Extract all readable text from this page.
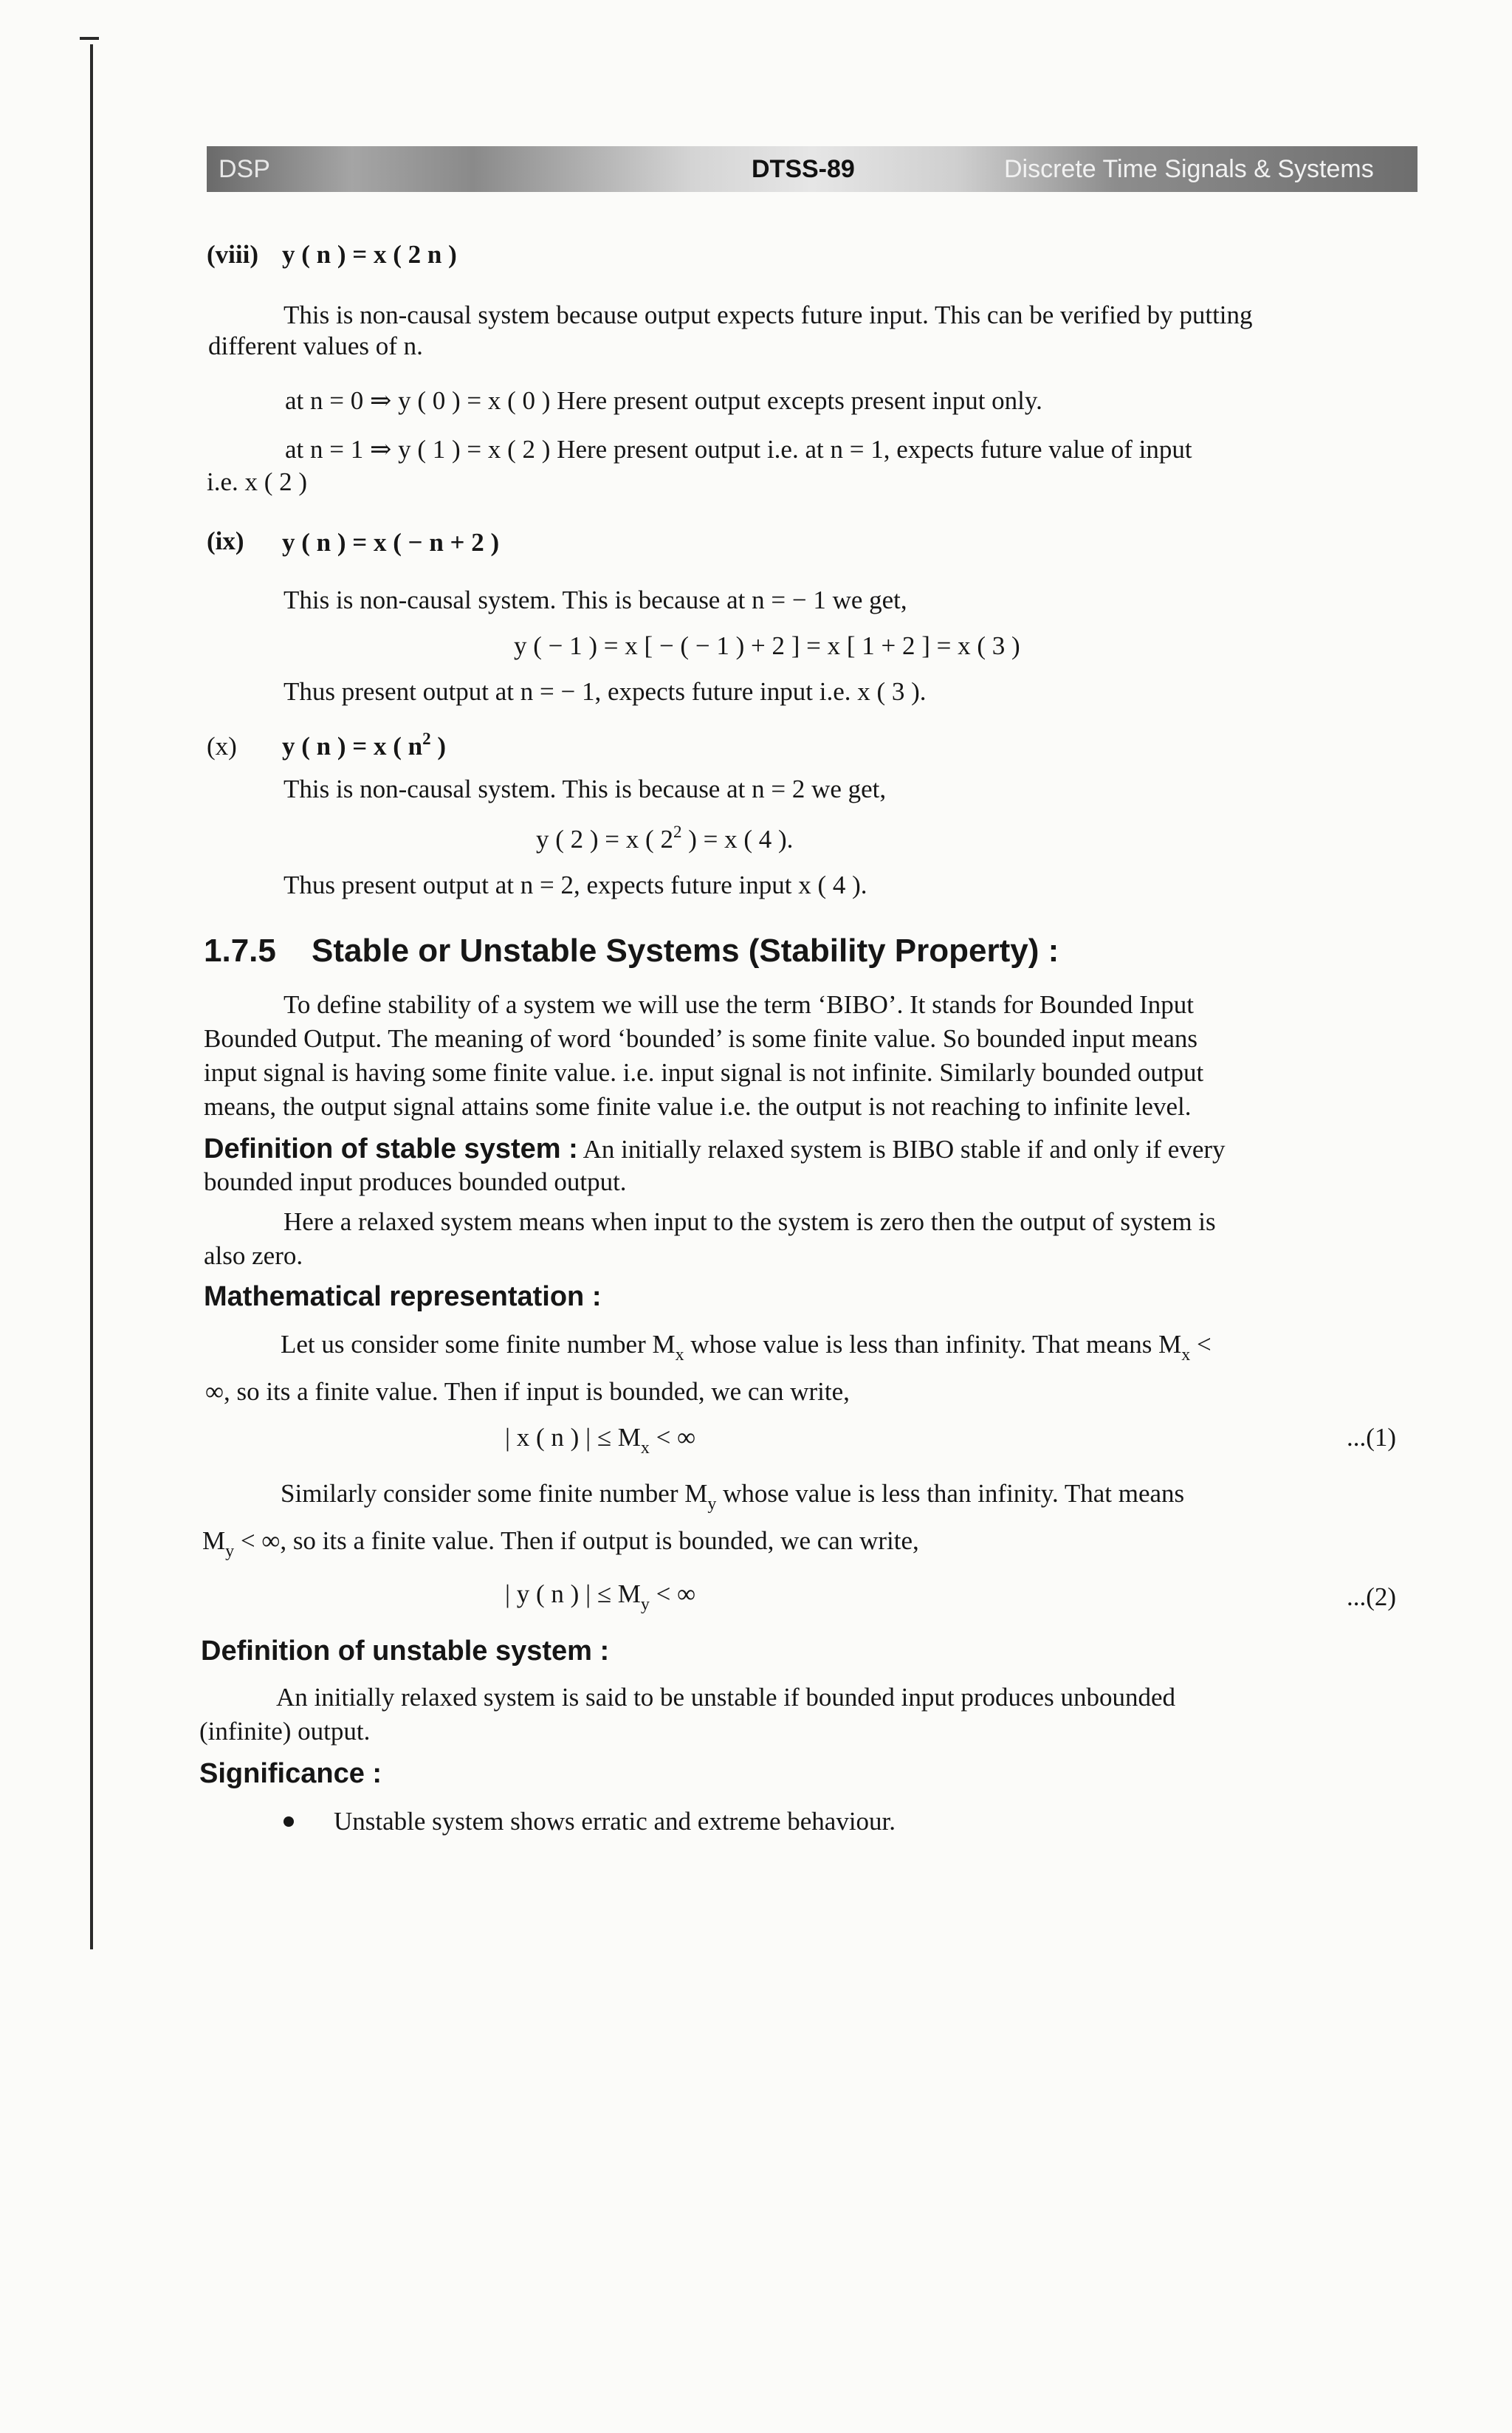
DSP	DTSS-89	Discrete Time Signals & Systems
(viii) y ( n ) = x ( 2 n )
This is non-causal system because output expects future input. This can be verified by putting
different values of n.
at n = 0 ⇒ y ( 0 ) = x ( 0 ) Here present output excepts present input only.
at n = 1 ⇒ y ( 1 ) = x ( 2 ) Here present output i.e. at n = 1, expects future value of input
i.e. x ( 2 )
(ix) y ( n ) = x ( − n + 2 )
This is non-causal system. This is because at n = − 1 we get,
y ( − 1 ) = x [ − ( − 1 ) + 2 ] = x [ 1 + 2 ] = x ( 3 )
Thus present output at n = − 1, expects future input i.e. x ( 3 ).
(x) y ( n ) = x ( $n^2$ )
This is non-causal system. This is because at n = 2 we get,
y ( 2 ) = x ( $2^2$ ) = x ( 4 ).
Thus present output at n = 2, expects future input x ( 4 ).
1.7.5 Stable or Unstable Systems (Stability Property) :
To define stability of a system we will use the term ‘BIBO’. It stands for Bounded Input
Bounded Output. The meaning of word ‘bounded’ is some finite value. So bounded input means
input signal is having some finite value. i.e. input signal is not infinite. Similarly bounded output
means, the output signal attains some finite value i.e. the output is not reaching to infinite level.
Definition of stable system : An initially relaxed system is BIBO stable if and only if every
bounded input produces bounded output.
Here a relaxed system means when input to the system is zero then the output of system is
also zero.
Mathematical representation :
Let us consider some finite number $M_x$ whose value is less than infinity. That means $M_x$ <
∞, so its a finite value. Then if input is bounded, we can write,
| x ( n ) | ≤ $M_x$ < ∞	...(1)
Similarly consider some finite number $M_y$ whose value is less than infinity. That means
$M_y$ < ∞, so its a finite value. Then if output is bounded, we can write,
| y ( n ) | ≤ $M_y$ < ∞	...(2)
Definition of unstable system :
An initially relaxed system is said to be unstable if bounded input produces unbounded
(infinite) output.
Significance :
Unstable system shows erratic and extreme behaviour.
